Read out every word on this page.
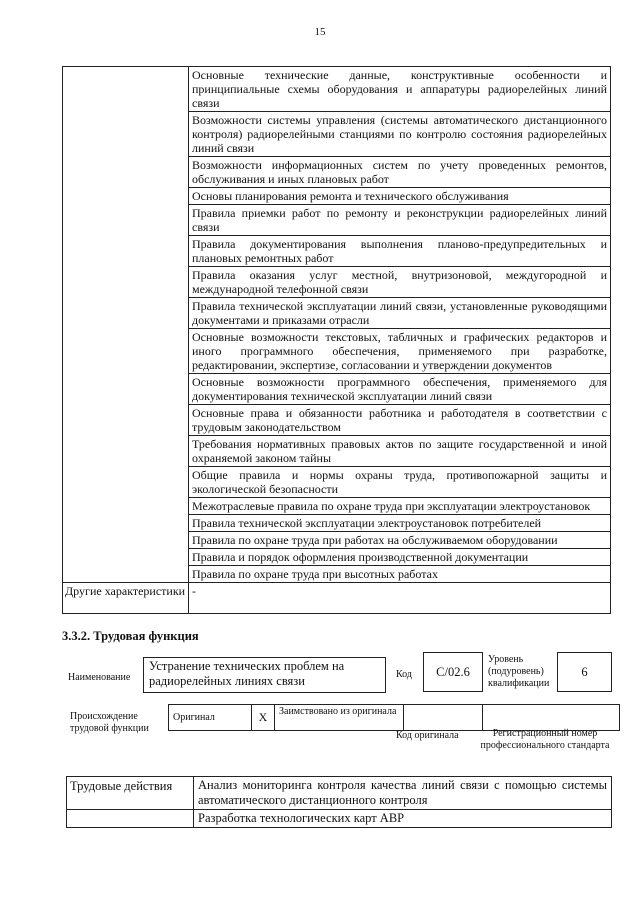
15
	Основные технические данные, конструктивные особенности и принципиальные схемы оборудования и аппаратуры радиорелейных линий связи
	Возможности системы управления (системы автоматического дистанционного контроля) радиорелейными станциями по контролю состояния радиорелейных линий связи
	Возможности информационных систем по учету проведенных ремонтов, обслуживания и иных плановых работ
	Основы планирования ремонта и технического обслуживания
	Правила приемки работ по ремонту и реконструкции радиорелейных линий связи
	Правила документирования выполнения планово-предупредительных и плановых ремонтных работ
	Правила оказания услуг местной, внутризоновой, междугородной и международной телефонной связи
	Правила технической эксплуатации линий связи, установленные руководящими документами и приказами отрасли
	Основные возможности текстовых, табличных и графических редакторов и иного программного обеспечения, применяемого при разработке, редактировании, экспертизе, согласовании и утверждении документов
	Основные возможности программного обеспечения, применяемого для документирования технической эксплуатации линий связи
	Основные права и обязанности работника и работодателя в соответствии с трудовым законодательством
	Требования нормативных правовых актов по защите государственной и иной охраняемой законом тайны
	Общие правила и нормы охраны труда, противопожарной защиты и экологической безопасности
	Межотраслевые правила по охране труда при эксплуатации электроустановок
	Правила технической эксплуатации электроустановок потребителей
	Правила по охране труда при работах на обслуживаемом оборудовании
	Правила и порядок оформления производственной документации
	Правила по охране труда при высотных работах
Другие характеристики	-
3.3.2. Трудовая функция
Наименование
Устранение технических проблем на радиорелейных линиях связи	Код	C/02.6
Уровень (подуровень) квалификации
6
Происхождение трудовой функции
Оригинал	X	Заимствовано из оригинала		
Код оригинала	Регистрационный номер профессионального стандарта
Трудовые действия	Анализ мониторинга контроля качества линий связи с помощью системы автоматического дистанционного контроля
	Разработка технологических карт АВР
